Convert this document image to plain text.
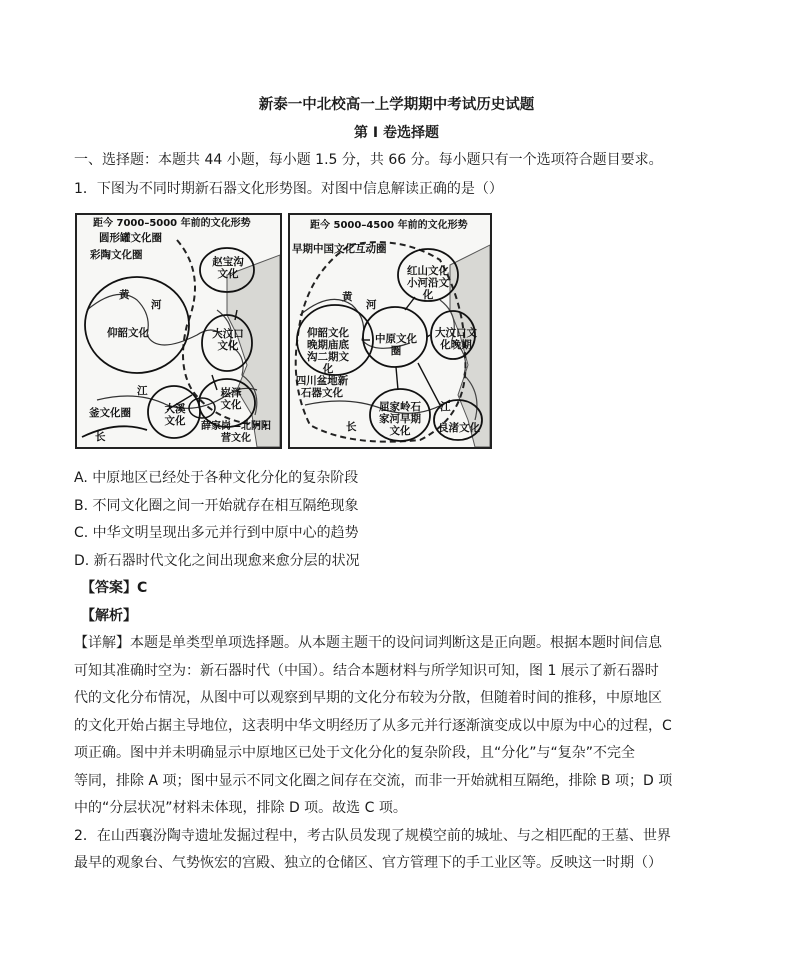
新泰一中北校高一上学期期中考试历史试题
第 I 卷选择题
一、选择题：本题共 44 小题，每小题 1.5 分，共 66 分。每小题只有一个选项符合题目要求。
1．下图为不同时期新石器文化形势图。对图中信息解读正确的是（）
距今 7000–5000 年前的文化形势
圆形罐文化圈
彩陶文化圈
赵宝沟文化
黄
河
仰韶文化	大汶口文化
江
釜文化圈	大溪文化
崧泽文化
长
薛家岗—北阴阳营文化
距今 5000–4500 年前的文化形势
早期中国文化互动圈
红山文化小河沿文化
黄
河
大汶口文化晚期
仰韶文化晚期庙底沟二期文化
中原文化圈
良渚文化
四川盆地新石器文化
屈家岭石家河早期文化
江
长
A. 中原地区已经处于各种文化分化的复杂阶段
B. 不同文化圈之间一开始就存在相互隔绝现象
C. 中华文明呈现出多元并行到中原中心的趋势
D. 新石器时代文化之间出现愈来愈分层的状况
【答案】C
【解析】
【详解】本题是单类型单项选择题。从本题主题干的设问词判断这是正向题。根据本题时间信息
可知其准确时空为：新石器时代（中国）。结合本题材料与所学知识可知，图 1 展示了新石器时
代的文化分布情况，从图中可以观察到早期的文化分布较为分散，但随着时间的推移，中原地区
的文化开始占据主导地位，这表明中华文明经历了从多元并行逐渐演变成以中原为中心的过程，C
项正确。图中并未明确显示中原地区已处于文化分化的复杂阶段，且“分化”与“复杂”不完全
等同，排除 A 项；图中显示不同文化圈之间存在交流，而非一开始就相互隔绝，排除 B 项；D 项
中的“分层状况”材料未体现，排除 D 项。故选 C 项。
2．在山西襄汾陶寺遗址发掘过程中，考古队员发现了规模空前的城址、与之相匹配的王墓、世界
最早的观象台、气势恢宏的宫殿、独立的仓储区、官方管理下的手工业区等。反映这一时期（）
